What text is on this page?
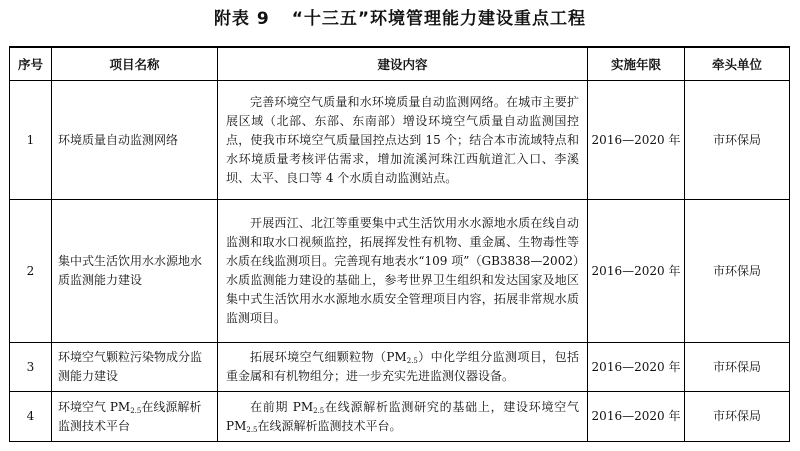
附表 9 “十三五”环境管理能力建设重点工程
序号	项目名称	建设内容	实施年限	牵头单位
1	环境质量自动监测网络	完善环境空气质量和水环境质量自动监测网络。在城市主要扩展区域（北部、东部、东南部）增设环境空气质量自动监测国控点，使我市环境空气质量国控点达到 15 个；结合本市流域特点和水环境质量考核评估需求，增加流溪河珠江西航道汇入口、李溪坝、太平、良口等 4 个水质自动监测站点。	2016—2020 年	市环保局
2	集中式生活饮用水水源地水质监测能力建设	开展西江、北江等重要集中式生活饮用水水源地水质在线自动监测和取水口视频监控，拓展挥发性有机物、重金属、生物毒性等水质在线监测项目。完善现有地表水“109 项”（GB3838—2002）水质监测能力建设的基础上，参考世界卫生组织和发达国家及地区集中式生活饮用水水源地水质安全管理项目内容，拓展非常规水质监测项目。	2016—2020 年	市环保局
3	环境空气颗粒污染物成分监测能力建设	拓展环境空气细颗粒物$(PM_{2.5})$中化学组分监测项目，包括重金属和有机物组分；进一步充实先进监测仪器设备。	2016—2020 年	市环保局
4	环境空气 $PM_{2.5}$在线源解析监测技术平台	在前期 $PM_{2.5}$在线源解析监测研究的基础上，建设环境空气 $PM_{2.5}$在线源解析监测技术平台。	2016—2020 年	市环保局
